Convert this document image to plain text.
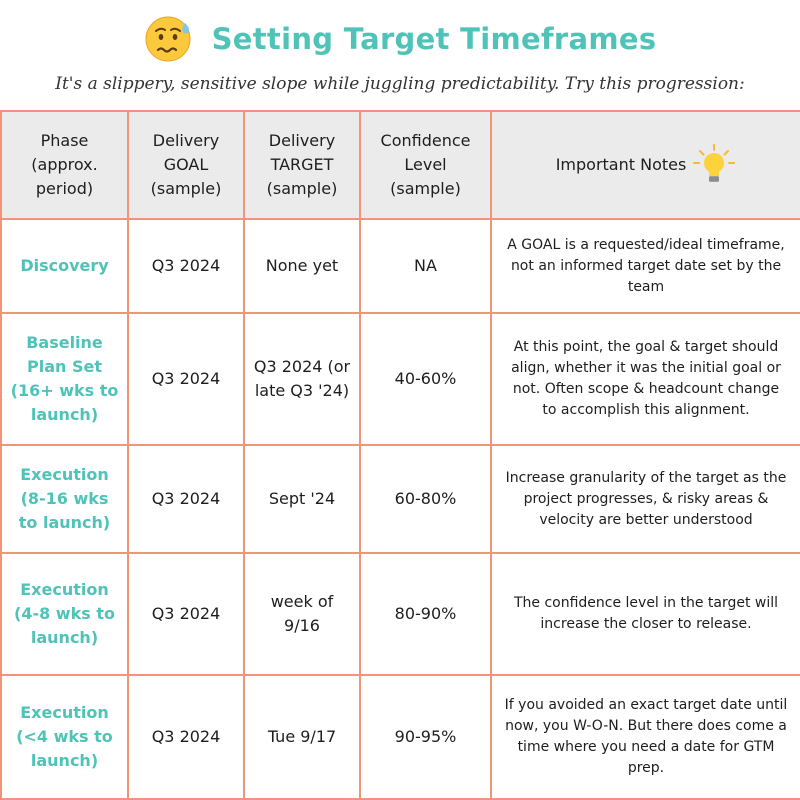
Setting Target Timeframes
It's a slippery, sensitive slope while juggling predictability. Try this progression:
Phase (approx. period)	Delivery GOAL (sample)	Delivery TARGET (sample)	Confidence Level (sample)	Important Notes

Discovery	Q3 2024	None yet	NA	A GOAL is a requested/ideal timeframe, not an informed target date set by the team
Baseline Plan Set (16+ wks to launch)	Q3 2024	Q3 2024 (or late Q3 '24)	40-60%	At this point, the goal & target should align, whether it was the initial goal or not. Often scope & headcount change to accomplish this alignment.
Execution (8-16 wks to launch)	Q3 2024	Sept '24	60-80%	Increase granularity of the target as the project progresses, & risky areas & velocity are better understood
Execution (4-8 wks to launch)	Q3 2024	week of 9/16	80-90%	The confidence level in the target will increase the closer to release.
Execution (<4 wks to launch)	Q3 2024	Tue 9/17	90-95%	If you avoided an exact target date until now, you W-O-N. But there does come a time where you need a date for GTM prep.
